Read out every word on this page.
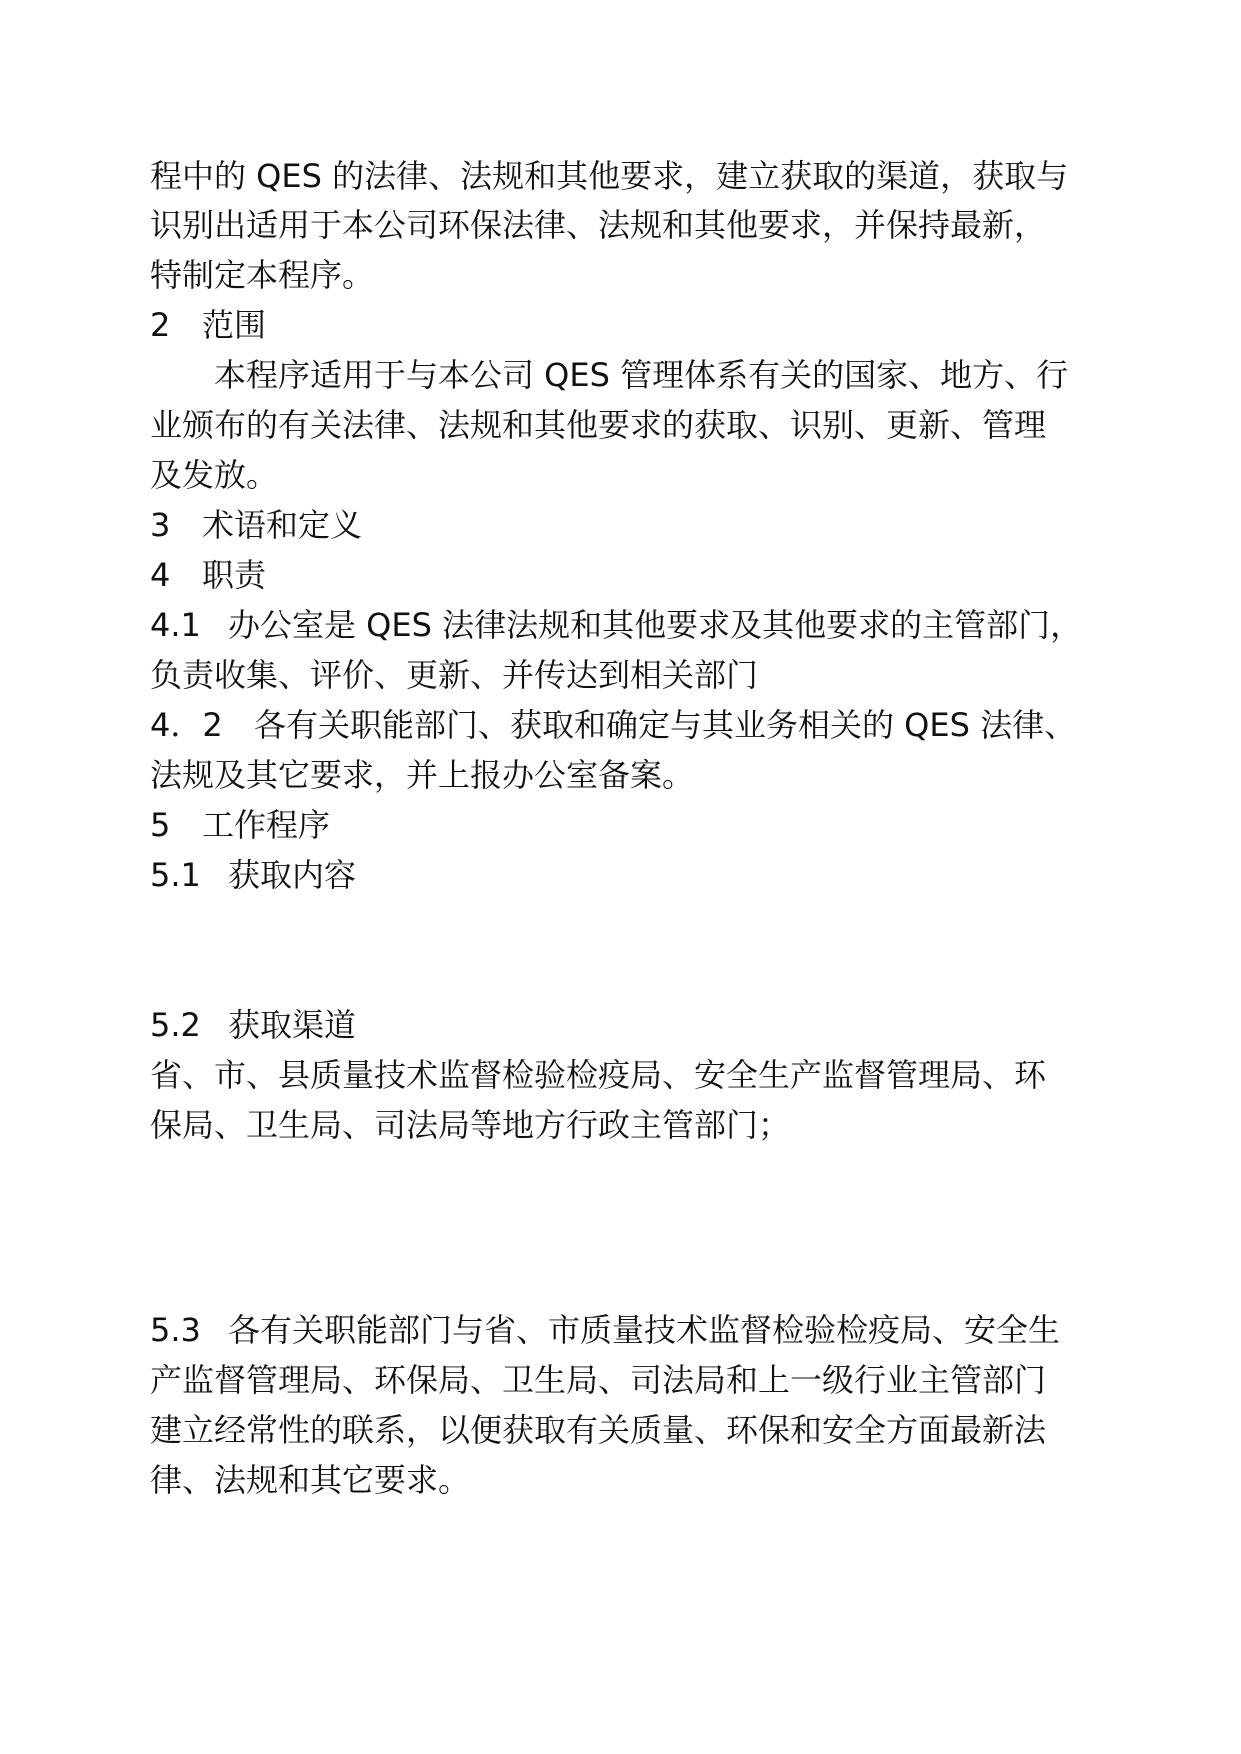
程中的 QES 的法律、法规和其他要求，建立获取的渠道，获取与
识别出适用于本公司环保法律、法规和其他要求，并保持最新，
特制定本程序。
2 范围
本程序适用于与本公司 QES 管理体系有关的国家、地方、行
业颁布的有关法律、法规和其他要求的获取、识别、更新、管理
及发放。
3 术语和定义
4 职责
4.1 办公室是 QES 法律法规和其他要求及其他要求的主管部门，
负责收集、评价、更新、并传达到相关部门
4．2 各有关职能部门、获取和确定与其业务相关的 QES 法律、
法规及其它要求，并上报办公室备案。
5 工作程序
5.1 获取内容
5.2 获取渠道
省、市、县质量技术监督检验检疫局、安全生产监督管理局、环
保局、卫生局、司法局等地方行政主管部门；
5.3 各有关职能部门与省、市质量技术监督检验检疫局、安全生
产监督管理局、环保局、卫生局、司法局和上一级行业主管部门
建立经常性的联系，以便获取有关质量、环保和安全方面最新法
律、法规和其它要求。
